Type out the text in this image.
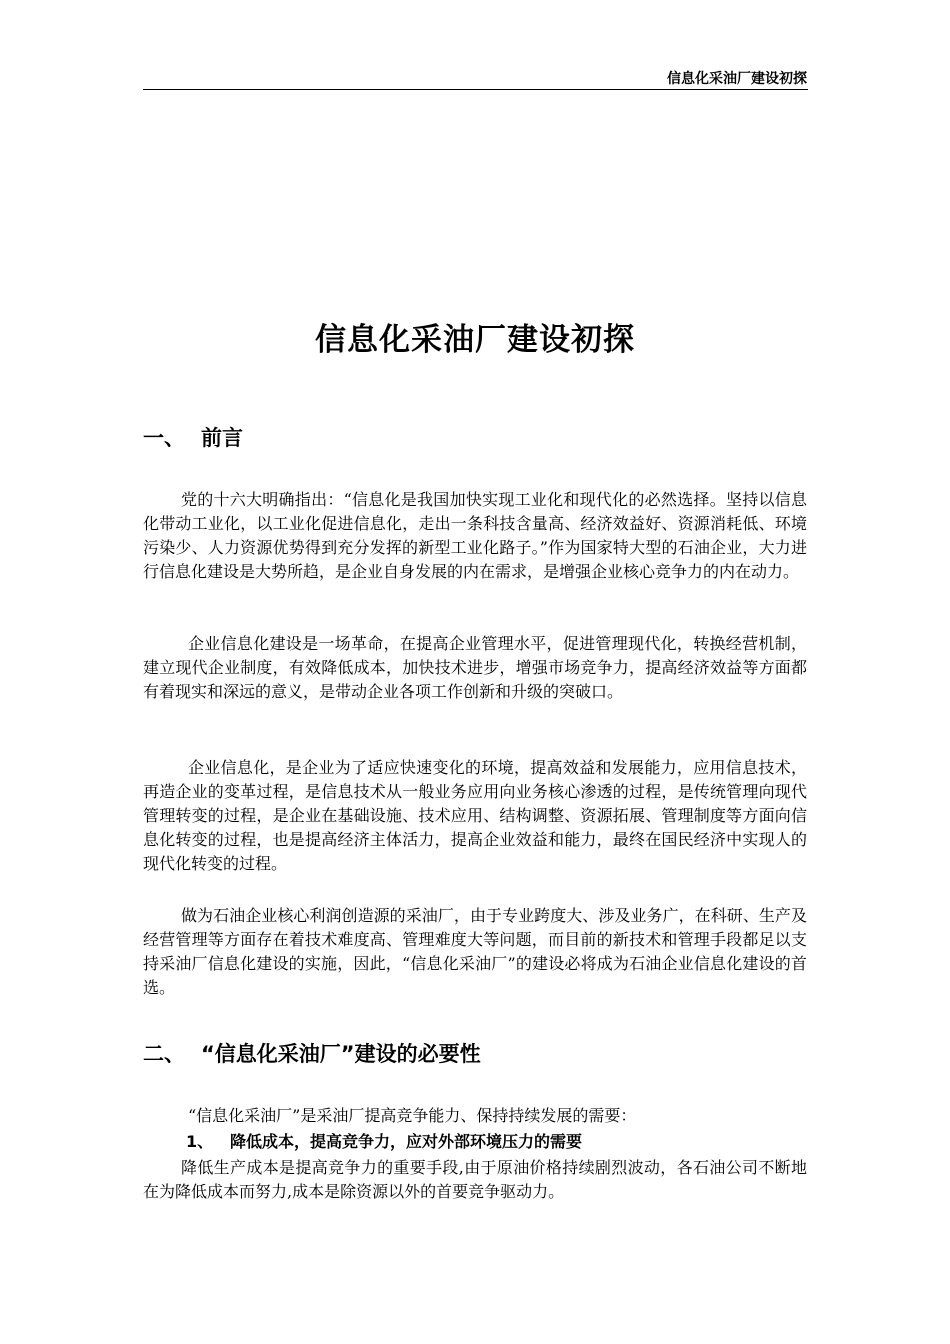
信息化采油厂建设初探
信息化采油厂建设初探
一、 前言

党的十六大明确指出：“信息化是我国加快实现工业化和现代化的必然选择。坚持以信息化带动工业化，以工业化促进信息化，走出一条科技含量高、经济效益好、资源消耗低、环境污染少、人力资源优势得到充分发挥的新型工业化路子。”作为国家特大型的石油企业，大力进行信息化建设是大势所趋，是企业自身发展的内在需求，是增强企业核心竞争力的内在动力。

企业信息化建设是一场革命，在提高企业管理水平，促进管理现代化，转换经营机制，建立现代企业制度，有效降低成本，加快技术进步，增强市场竞争力，提高经济效益等方面都有着现实和深远的意义，是带动企业各项工作创新和升级的突破口。

企业信息化，是企业为了适应快速变化的环境，提高效益和发展能力，应用信息技术，再造企业的变革过程，是信息技术从一般业务应用向业务核心渗透的过程，是传统管理向现代管理转变的过程，是企业在基础设施、技术应用、结构调整、资源拓展、管理制度等方面向信息化转变的过程，也是提高经济主体活力，提高企业效益和能力，最终在国民经济中实现人的现代化转变的过程。

做为石油企业核心利润创造源的采油厂，由于专业跨度大、涉及业务广，在科研、生产及经营管理等方面存在着技术难度高、管理难度大等问题，而目前的新技术和管理手段都足以支持采油厂信息化建设的实施，因此，“信息化采油厂”的建设必将成为石油企业信息化建设的首选。

二、 “信息化采油厂”建设的必要性

“信息化采油厂”是采油厂提高竞争能力、保持持续发展的需要：

1、 降低成本，提高竞争力，应对外部环境压力的需要

降低生产成本是提高竞争力的重要手段,由于原油价格持续剧烈波动，各石油公司不断地在为降低成本而努力,成本是除资源以外的首要竞争驱动力。
